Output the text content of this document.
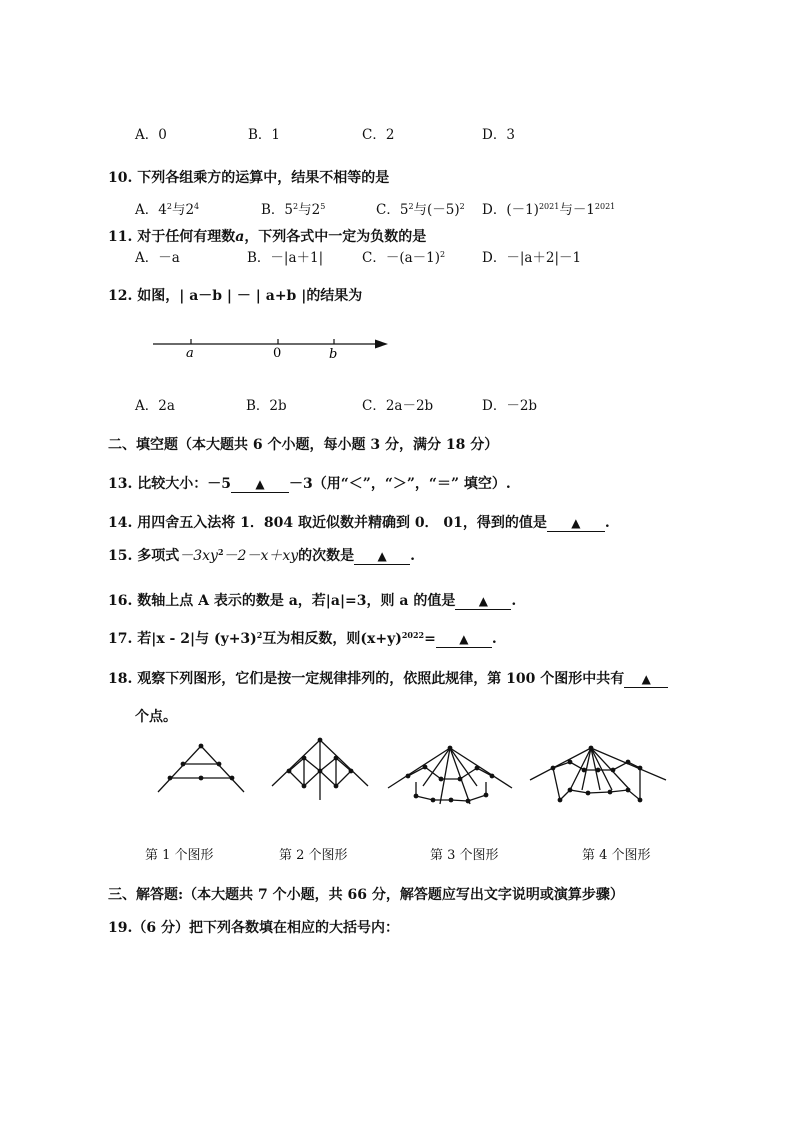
A．0	B．1	C．2	D．3
10. 下列各组乘方的运算中，结果不相等的是
A．$4^2$与$2^4$	B．$5^2$与$2^5$	C．$5^2$与$(-5)^2$ D．$(-1)^{2021}$与$-1^{2021}$
11. 对于任何有理数a，下列各式中一定为负数的是
A．－a	B．－|a＋1|	C．$-(a-1)^2$	D．－|a＋2|－1
12. 如图，| a－b | － | a+b |的结果为
a	0	b
A．2a	B．2b	C．2a－2b	D．－2b
二、填空题（本大题共 6 个小题，每小题 3 分，满分 18 分）
13. 比较大小：－5 ▲ －3（用“＜”，“＞”，“＝” 填空）.
14. 用四舍五入法将 1．804 取近似数并精确到 0． 01，得到的值是 ▲ .
15. 多项式$-3xy^2-2-x+xy$的次数是 ▲ .
16. 数轴上点 A 表示的数是 a，若|a|=3，则 a 的值是 ▲ .
17. 若|x - 2|与 $(y+3)^2$互为相反数，则$(x+y)^{2022}=$ ▲ .
18. 观察下列图形，它们是按一定规律排列的，依照此规律，第 100 个图形中共有 ▲
个点。
第 1 个图形	第 2 个图形	第 3 个图形	第 4 个图形
三、解答题:（本大题共 7 个小题，共 66 分，解答题应写出文字说明或演算步骤）
19.（6 分）把下列各数填在相应的大括号内：
